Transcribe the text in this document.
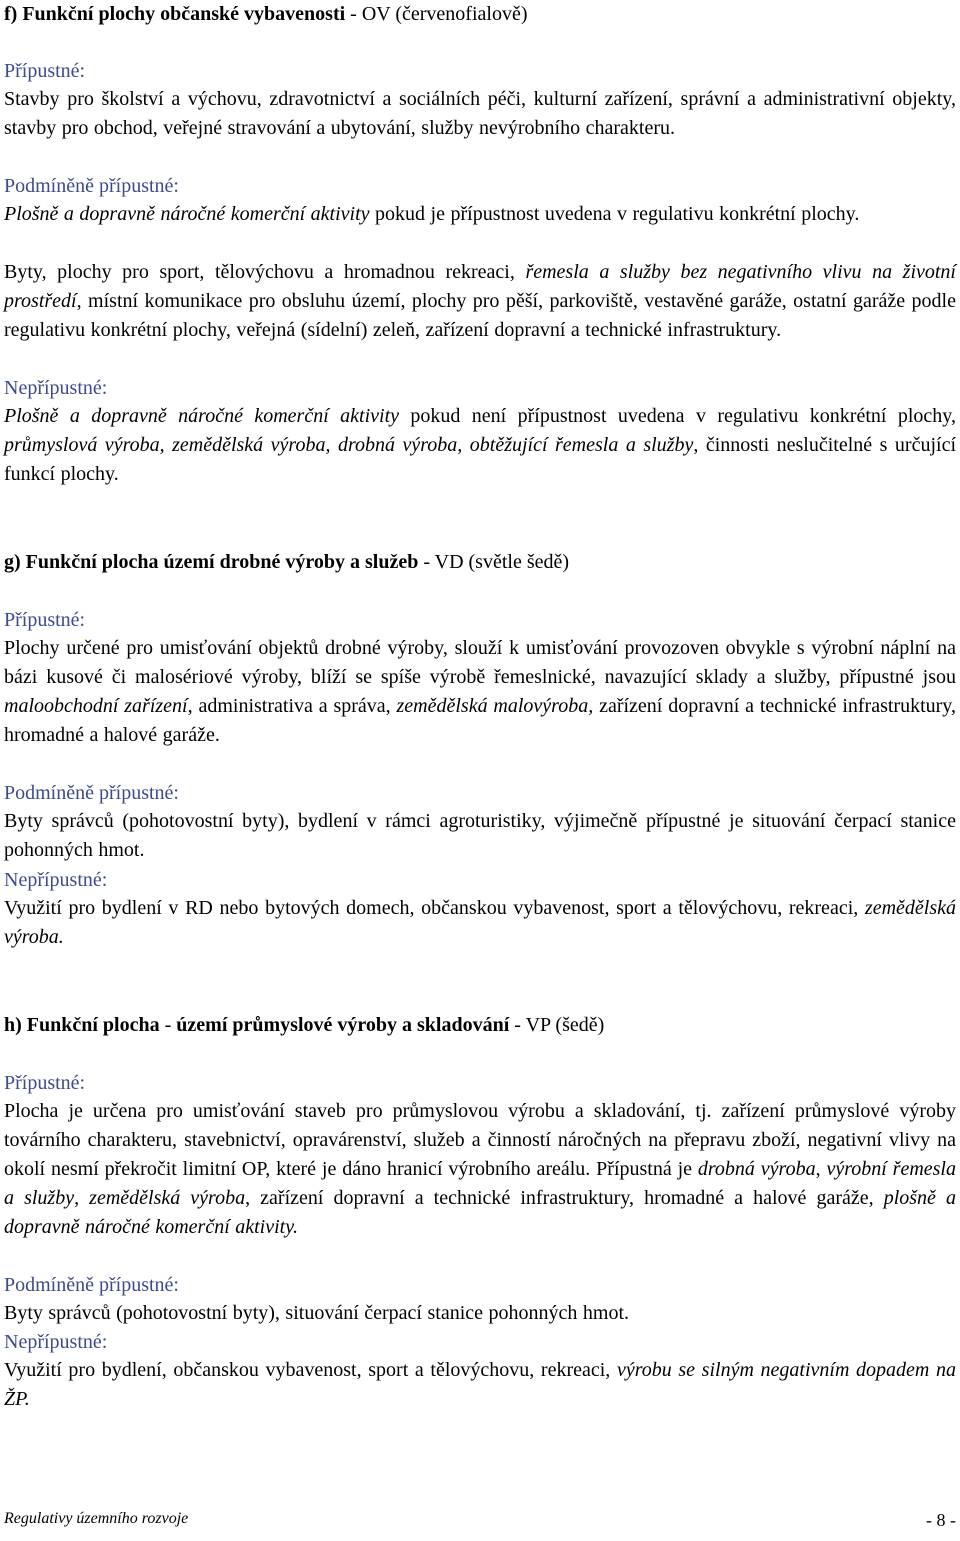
f) Funkční plochy občanské vybavenosti - OV (červenofialově)
Přípustné:

Stavby pro školství a výchovu, zdravotnictví a sociálních péči, kulturní zařízení, správní a administrativní objekty, stavby pro obchod, veřejné stravování a ubytování, služby nevýrobního charakteru.

Podmíněně přípustné:

Plošně a dopravně náročné komerční aktivity pokud je přípustnost uvedena v regulativu konkrétní plochy.

Byty, plochy pro sport, tělovýchovu a hromadnou rekreaci, řemesla a služby bez negativního vlivu na životní prostředí, místní komunikace pro obsluhu území, plochy pro pěší, parkoviště, vestavěné garáže, ostatní garáže podle regulativu konkrétní plochy, veřejná (sídelní) zeleň, zařízení dopravní a technické infrastruktury.

Nepřípustné:

Plošně a dopravně náročné komerční aktivity pokud není přípustnost uvedena v regulativu konkrétní plochy, průmyslová výroba, zemědělská výroba, drobná výroba, obtěžující řemesla a služby, činnosti neslučitelné s určující funkcí plochy.

g) Funkční plocha území drobné výroby a služeb - VD (světle šedě)
Přípustné:

Plochy určené pro umisťování objektů drobné výroby, slouží k umisťování provozoven obvykle s výrobní náplní na bázi kusové či malosériové výroby, blíží se spíše výrobě řemeslnické, navazující sklady a služby, přípustné jsou maloobchodní zařízení, administrativa a správa, zemědělská malovýroba, zařízení dopravní a technické infrastruktury, hromadné a halové garáže.

Podmíněně přípustné:

Byty správců (pohotovostní byty), bydlení v rámci agroturistiky, výjimečně přípustné je situování čerpací stanice pohonných hmot.

Nepřípustné:

Využití pro bydlení v RD nebo bytových domech, občanskou vybavenost, sport a tělovýchovu, rekreaci, zemědělská výroba.

h) Funkční plocha - území průmyslové výroby a skladování - VP (šedě)
Přípustné:

Plocha je určena pro umisťování staveb pro průmyslovou výrobu a skladování, tj. zařízení průmyslové výroby továrního charakteru, stavebnictví, opravárenství, služeb a činností náročných na přepravu zboží, negativní vlivy na okolí nesmí překročit limitní OP, které je dáno hranicí výrobního areálu. Přípustná je drobná výroba, výrobní řemesla a služby, zemědělská výroba, zařízení dopravní a technické infrastruktury, hromadné a halové garáže, plošně a dopravně náročné komerční aktivity.

Podmíněně přípustné:

Byty správců (pohotovostní byty), situování čerpací stanice pohonných hmot.

Nepřípustné:

Využití pro bydlení, občanskou vybavenost, sport a tělovýchovu, rekreaci, výrobu se silným negativním dopadem na ŽP.

Regulativy územního rozvoje	- 8 -
